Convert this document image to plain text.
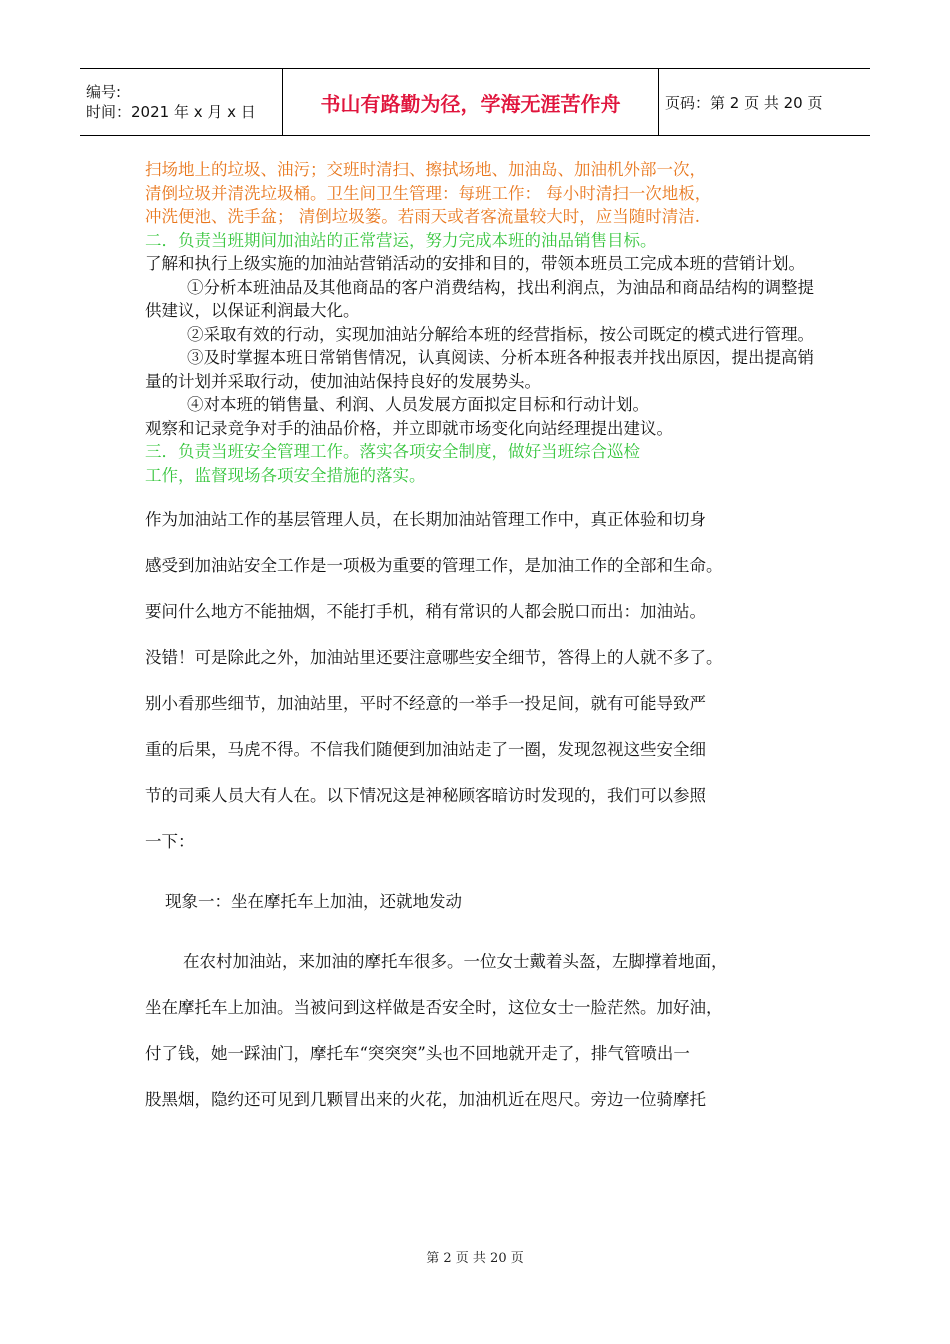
编号:
时间：2021 年 x 月 x 日	书山有路勤为径，学海无涯苦作舟	页码：第 2 页 共 20 页

扫场地上的垃圾、油污；交班时清扫、擦拭场地、加油岛、加油机外部一次，

清倒垃圾并清洗垃圾桶。卫生间卫生管理：每班工作： 每小时清扫一次地板，

冲洗便池、洗手盆； 清倒垃圾篓。若雨天或者客流量较大时，应当随时清洁.

二．负责当班期间加油站的正常营运，努力完成本班的油品销售目标。

了解和执行上级实施的加油站营销活动的安排和目的，带领本班员工完成本班的营销计划。

①分析本班油品及其他商品的客户消费结构，找出利润点，为油品和商品结构的调整提供建议，以保证利润最大化。

②采取有效的行动，实现加油站分解给本班的经营指标，按公司既定的模式进行管理。

③及时掌握本班日常销售情况，认真阅读、分析本班各种报表并找出原因，提出提高销量的计划并采取行动，使加油站保持良好的发展势头。

④对本班的销售量、利润、人员发展方面拟定目标和行动计划。

观察和记录竞争对手的油品价格，并立即就市场变化向站经理提出建议。

三．负责当班安全管理工作。落实各项安全制度，做好当班综合巡检

工作，监督现场各项安全措施的落实。

作为加油站工作的基层管理人员，在长期加油站管理工作中，真正体验和切身

感受到加油站安全工作是一项极为重要的管理工作，是加油工作的全部和生命。

要问什么地方不能抽烟，不能打手机，稍有常识的人都会脱口而出：加油站。

没错！可是除此之外，加油站里还要注意哪些安全细节，答得上的人就不多了。

别小看那些细节，加油站里，平时不经意的一举手一投足间，就有可能导致严

重的后果，马虎不得。不信我们随便到加油站走了一圈，发现忽视这些安全细

节的司乘人员大有人在。以下情况这是神秘顾客暗访时发现的，我们可以参照

一下：

现象一：坐在摩托车上加油，还就地发动

在农村加油站，来加油的摩托车很多。一位女士戴着头盔，左脚撑着地面，

坐在摩托车上加油。当被问到这样做是否安全时，这位女士一脸茫然。加好油，

付了钱，她一踩油门，摩托车“突突突”头也不回地就开走了，排气管喷出一

股黑烟，隐约还可见到几颗冒出来的火花，加油机近在咫尺。旁边一位骑摩托

第 2 页 共 20 页
